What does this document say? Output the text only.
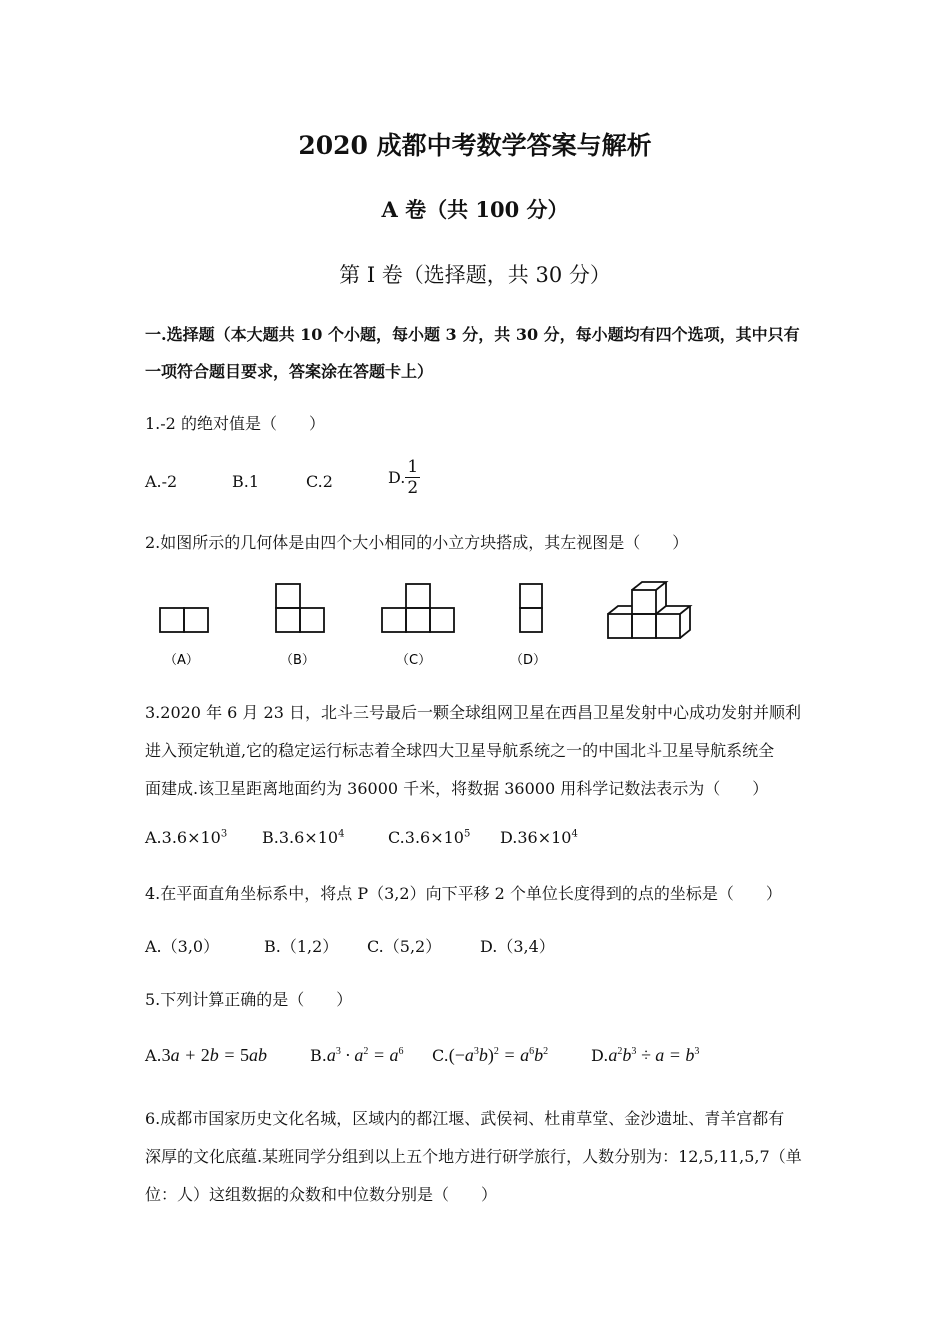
2020 成都中考数学答案与解析
A 卷（共 100 分）
第 I 卷（选择题，共 30 分）
一.选择题（本大题共 10 个小题，每小题 3 分，共 30 分，每小题均有四个选项，其中只有
一项符合题目要求，答案涂在答题卡上）
1.-2 的绝对值是（　　）
A.-2	B.1	C.2	D. $\frac{1}{2}$
2.如图所示的几何体是由四个大小相同的小立方块搭成，其左视图是（　　）
（A）	（B）	（C）	（D）
3.2020 年 6 月 23 日，北斗三号最后一颗全球组网卫星在西昌卫星发射中心成功发射并顺利
进入预定轨道,它的稳定运行标志着全球四大卫星导航系统之一的中国北斗卫星导航系统全
面建成.该卫星距离地面约为 36000 千米，将数据 36000 用科学记数法表示为（　　）
$A.3.6\times 10^3$ $B.3.6\times 10^4$	$C.3.6\times 10^5$ $D.36\times 10^4$
4.在平面直角坐标系中，将点 P（3,2）向下平移 2 个单位长度得到的点的坐标是（　　）
A.（3,0）	B.（1,2） C.（5,2） D.（3,4）
5.下列计算正确的是（　　）
A.3a + 2b = 5ab	$B.a^3 \cdot a^2 = a^6$ $C.(-a^3b)^2 = a^6b^2$	$D.a^2b^3 \div a = b^3$
6.成都市国家历史文化名城，区域内的都江堰、武侯祠、杜甫草堂、金沙遗址、青羊宫都有
深厚的文化底蕴.某班同学分组到以上五个地方进行研学旅行，人数分别为：12,5,11,5,7（单
位：人）这组数据的众数和中位数分别是（　　）
